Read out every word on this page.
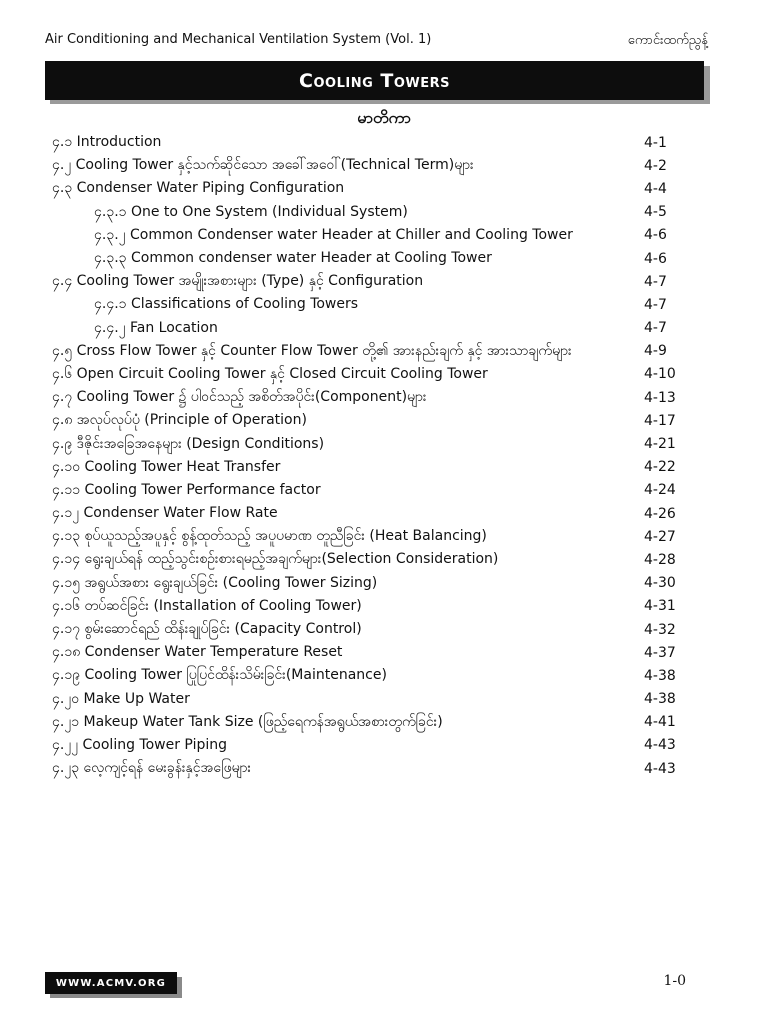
Air Conditioning and Mechanical Ventilation System (Vol. 1)	ကောင်းထက်ညွန့်
Cooling Towers
မာတိကာ
၄.၁ Introduction	4-1
၄.၂ Cooling Tower နှင့်သက်ဆိုင်သော အခေါ်အဝေါ်(Technical Term)များ	4-2
၄.၃ Condenser Water Piping Configuration	4-4
၄.၃.၁ One to One System (Individual System)	4-5
၄.၃.၂ Common Condenser water Header at Chiller and Cooling Tower	4-6
၄.၃.၃ Common condenser water Header at Cooling Tower	4-6
၄.၄ Cooling Tower အမျိုးအစားများ (Type) နှင့် Configuration	4-7
၄.၄.၁ Classifications of Cooling Towers	4-7
၄.၄.၂ Fan Location	4-7
၄.၅ Cross Flow Tower နှင့် Counter Flow Tower တို့၏ အားနည်းချက် နှင့် အားသာချက်များ	4-9
၄.၆ Open Circuit Cooling Tower နှင့် Closed Circuit Cooling Tower	4-10
၄.၇ Cooling Tower ၌ ပါဝင်သည့် အစိတ်အပိုင်း(Component)များ	4-13
၄.၈ အလုပ်လုပ်ပုံ (Principle of Operation)	4-17
၄.၉ ဒီဇိုင်းအခြေအနေများ (Design Conditions)	4-21
၄.၁၀ Cooling Tower Heat Transfer	4-22
၄.၁၁ Cooling Tower Performance factor	4-24
၄.၁၂ Condenser Water Flow Rate	4-26
၄.၁၃ စုပ်ယူသည့်အပူနှင့် စွန့်ထုတ်သည့် အပူပမာဏ တူညီခြင်း (Heat Balancing)	4-27
၄.၁၄ ရွေးချယ်ရန် ထည့်သွင်းစဉ်းစားရမည့်အချက်များ(Selection Consideration)	4-28
၄.၁၅ အရွယ်အစား ရွေးချယ်ခြင်း (Cooling Tower Sizing)	4-30
၄.၁၆ တပ်ဆင်ခြင်း (Installation of Cooling Tower)	4-31
၄.၁၇ စွမ်းဆောင်ရည် ထိန်းချုပ်ခြင်း (Capacity Control)	4-32
၄.၁၈ Condenser Water Temperature Reset	4-37
၄.၁၉ Cooling Tower ပြုပြင်ထိန်းသိမ်းခြင်း(Maintenance)	4-38
၄.၂၀ Make Up Water	4-38
၄.၂၁ Makeup Water Tank Size (ဖြည့်ရေကန်အရွယ်အစားတွက်ခြင်း)	4-41
၄.၂၂ Cooling Tower Piping	4-43
၄.၂၃ လေ့ကျင့်ရန် မေးခွန်းနှင့်အဖြေများ	4-43
WWW.ACMV.ORG	1-0
